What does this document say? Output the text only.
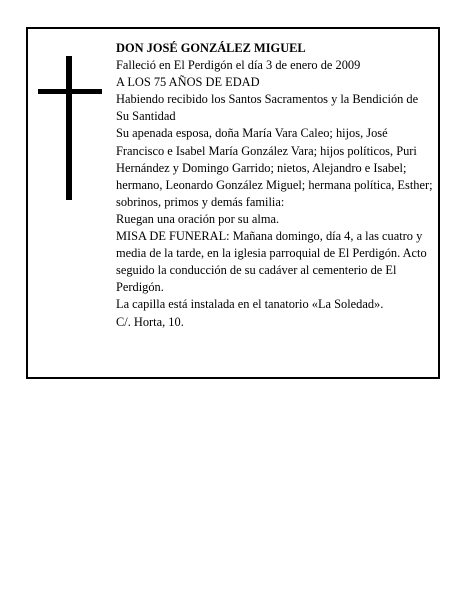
DON JOSÉ GONZÁLEZ MIGUEL

Falleció en El Perdigón el día 3 de enero de 2009

A LOS 75 AÑOS DE EDAD

Habiendo recibido los Santos Sacramentos y la Bendición de Su Santidad

Su apenada esposa, doña María Vara Caleo; hijos, José Francisco e Isabel María González Vara; hijos políticos, Puri Hernández y Domingo Garrido; nietos, Alejandro e Isabel; hermano, Leonardo González Miguel; hermana política, Esther; sobrinos, primos y demás familia:

Ruegan una oración por su alma.

MISA DE FUNERAL: Mañana domingo, día 4, a las cuatro y media de la tarde, en la iglesia parroquial de El Perdigón. Acto seguido la conducción de su cadáver al cementerio de El Perdigón.

La capilla está instalada en el tanatorio «La Soledad».

C/. Horta, 10.
